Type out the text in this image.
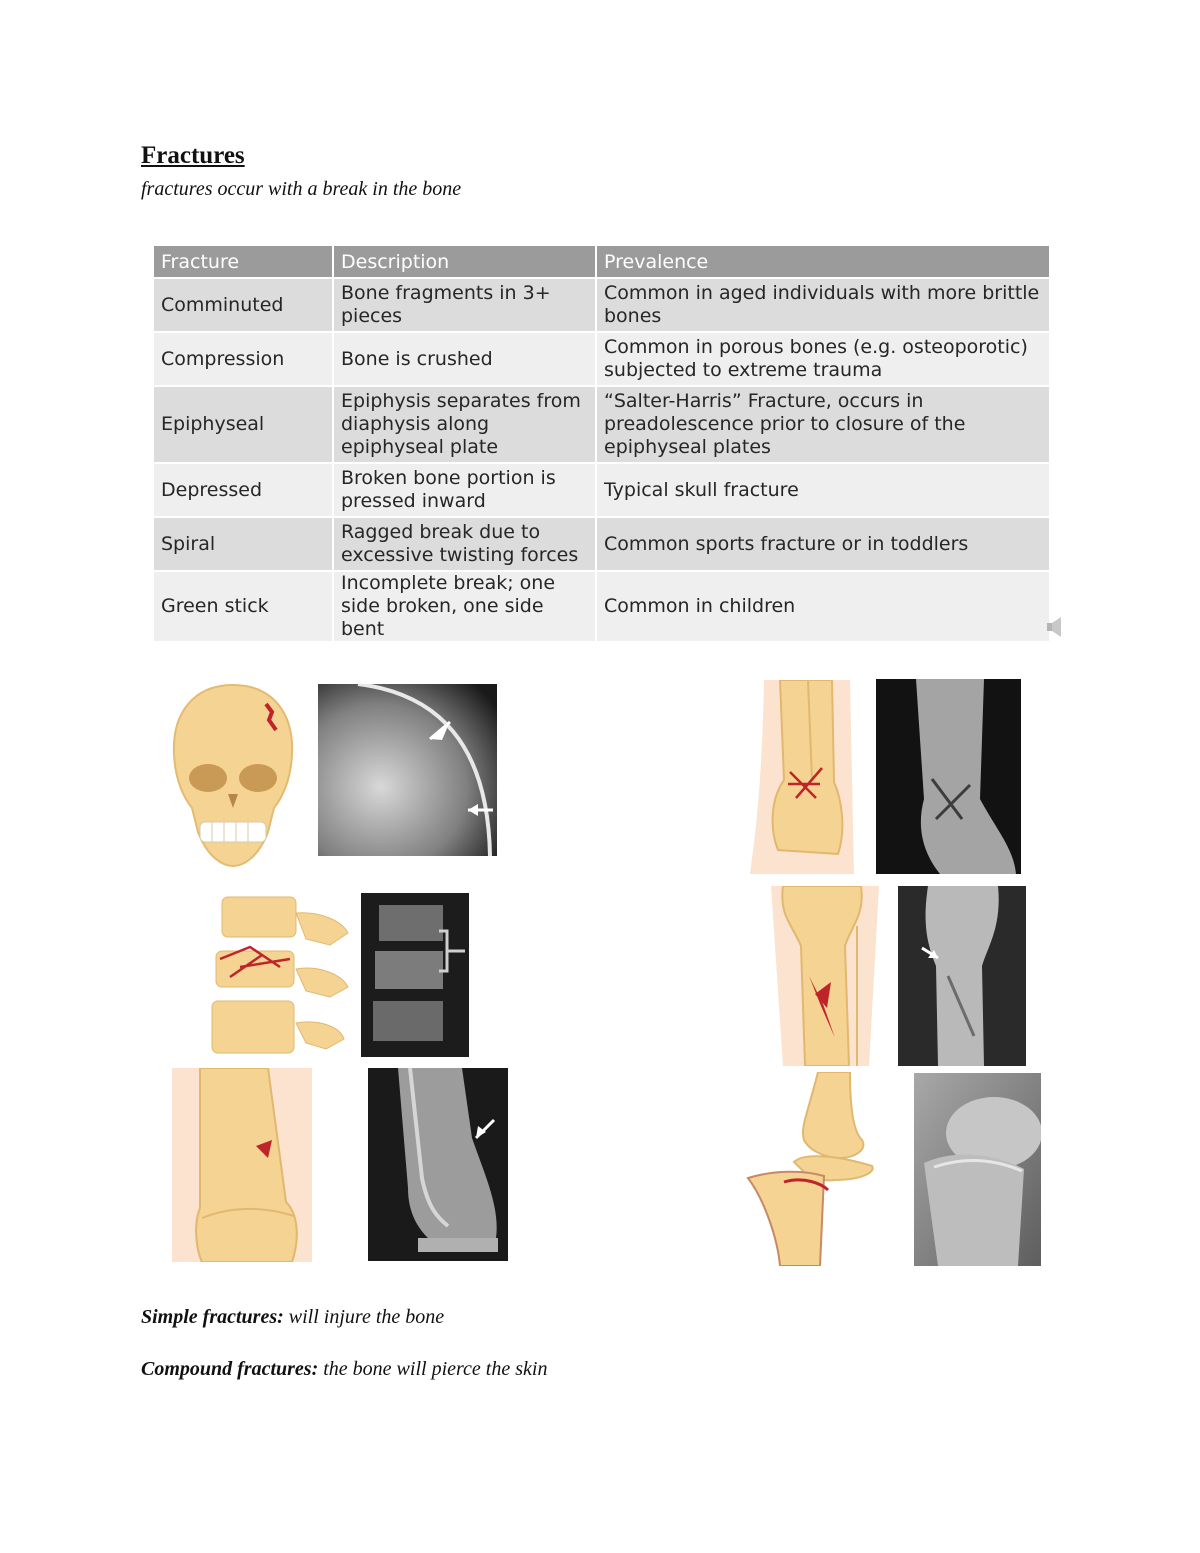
Fractures

fractures occur with a break in the bone

Fracture	Description	Prevalence
Comminuted	Bone fragments in 3+ pieces	Common in aged individuals with more brittle bones
Compression	Bone is crushed	Common in porous bones (e.g. osteoporotic) subjected to extreme trauma
Epiphyseal	Epiphysis separates from diaphysis along epiphyseal plate	“Salter-Harris” Fracture, occurs in preadolescence prior to closure of the epiphyseal plates
Depressed	Broken bone portion is pressed inward	Typical skull fracture
Spiral	Ragged break due to excessive twisting forces	Common sports fracture or in toddlers
Green stick	Incomplete break; one side broken, one side bent	Common in children

Simple fractures: will injure the bone

Compound fractures: the bone will pierce the skin
